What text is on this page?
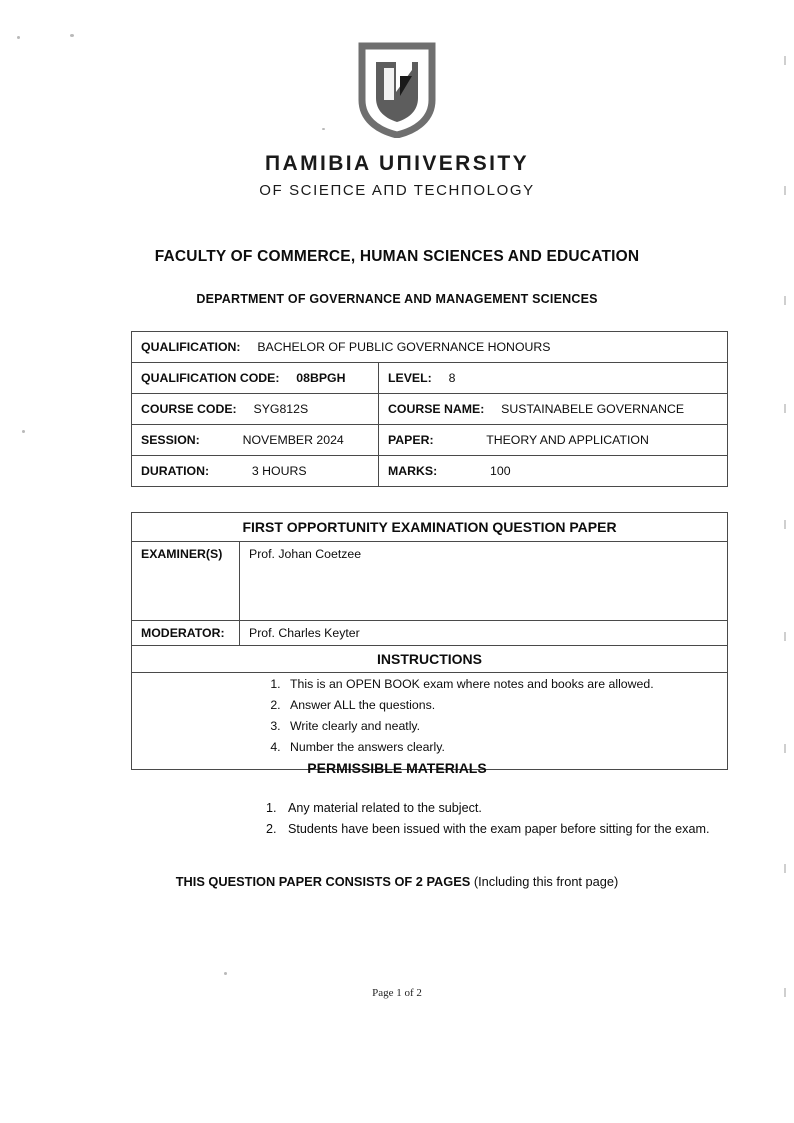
ПAMIBIA UПIVERSITY
OF SCIEПCE AПD TECHПOLOGY
FACULTY OF COMMERCE, HUMAN SCIENCES AND EDUCATION
DEPARTMENT OF GOVERNANCE AND MANAGEMENT SCIENCES
QUALIFICATION: BACHELOR OF PUBLIC GOVERNANCE HONOURS	
QUALIFICATION CODE: 08BPGH	LEVEL: 8
COURSE CODE: SYG812S	COURSE NAME: SUSTAINABELE GOVERNANCE
SESSION: NOVEMBER 2024	PAPER: THEORY AND APPLICATION
DURATION: 3 HOURS	MARKS: 100
FIRST OPPORTUNITY EXAMINATION QUESTION PAPER	
EXAMINER(S)	Prof. Johan Coetzee
MODERATOR:	Prof. Charles Keyter
INSTRUCTIONS	

1. This is an OPEN BOOK exam where notes and books are allowed.
2. Answer ALL the questions.
3. Write clearly and neatly.
4. Number the answers clearly.
PERMISSIBLE MATERIALS
1. Any material related to the subject.
2. Students have been issued with the exam paper before sitting for the exam.
THIS QUESTION PAPER CONSISTS OF 2 PAGES (Including this front page)
Page 1 of 2
